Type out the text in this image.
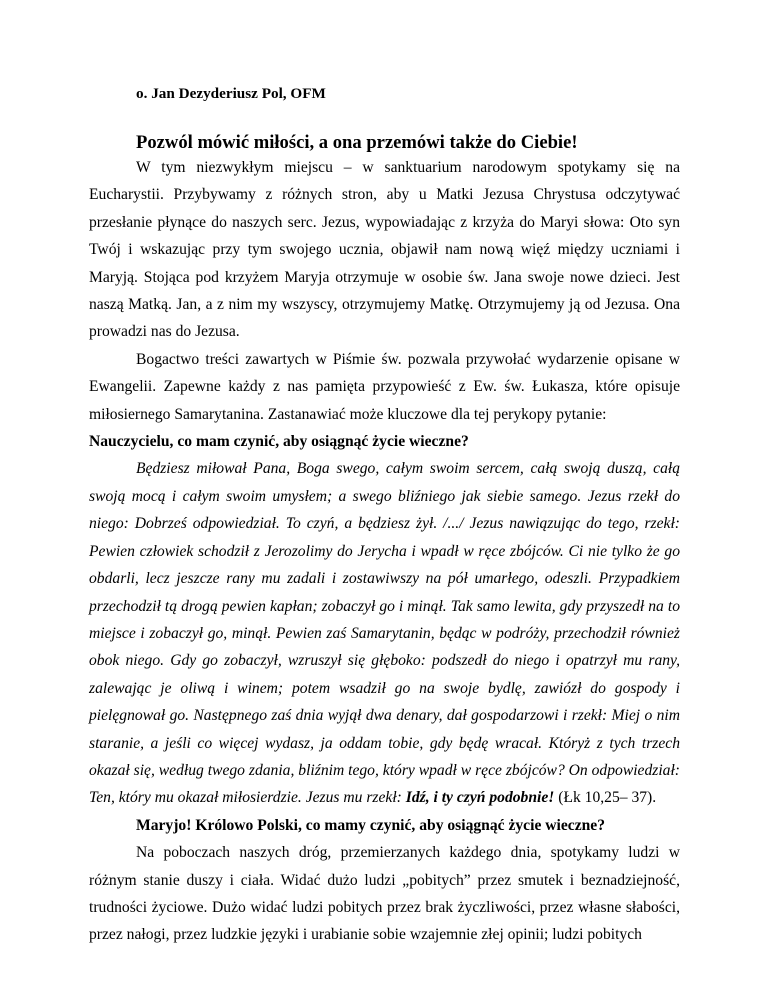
o. Jan Dezyderiusz Pol, OFM
Pozwól mówić miłości, a ona przemówi także do Ciebie!

W tym niezwykłym miejscu – w sanktuarium narodowym spotykamy się na Eucharystii. Przybywamy z różnych stron, aby u Matki Jezusa Chrystusa odczytywać przesłanie płynące do naszych serc. Jezus, wypowiadając z krzyża do Maryi słowa: Oto syn Twój i wskazując przy tym swojego ucznia, objawił nam nową więź między uczniami i Maryją. Stojąca pod krzyżem Maryja otrzymuje w osobie św. Jana swoje nowe dzieci. Jest naszą Matką. Jan, a z nim my wszyscy, otrzymujemy Matkę. Otrzymujemy ją od Jezusa. Ona prowadzi nas do Jezusa.

Bogactwo treści zawartych w Piśmie św. pozwala przywołać wydarzenie opisane w Ewangelii. Zapewne każdy z nas pamięta przypowieść z Ew. św. Łukasza, które opisuje miłosiernego Samarytanina. Zastanawiać może kluczowe dla tej perykopy pytanie:

Nauczycielu, co mam czynić, aby osiągnąć życie wieczne?

Będziesz miłował Pana, Boga swego, całym swoim sercem, całą swoją duszą, całą swoją mocą i całym swoim umysłem; a swego bliźniego jak siebie samego. Jezus rzekł do niego: Dobrześ odpowiedział. To czyń, a będziesz żył. /.../ Jezus nawiązując do tego, rzekł: Pewien człowiek schodził z Jerozolimy do Jerycha i wpadł w ręce zbójców. Ci nie tylko że go obdarli, lecz jeszcze rany mu zadali i zostawiwszy na pół umarłego, odeszli. Przypadkiem przechodził tą drogą pewien kapłan; zobaczył go i minął. Tak samo lewita, gdy przyszedł na to miejsce i zobaczył go, minął. Pewien zaś Samarytanin, będąc w podróży, przechodził również obok niego. Gdy go zobaczył, wzruszył się głęboko: podszedł do niego i opatrzył mu rany, zalewając je oliwą i winem; potem wsadził go na swoje bydlę, zawiózł do gospody i pielęgnował go. Następnego zaś dnia wyjął dwa denary, dał gospodarzowi i rzekł: Miej o nim staranie, a jeśli co więcej wydasz, ja oddam tobie, gdy będę wracał. Któryż z tych trzech okazał się, według twego zdania, bliźnim tego, który wpadł w ręce zbójców? On odpowiedział: Ten, który mu okazał miłosierdzie. Jezus mu rzekł: Idź, i ty czyń podobnie! (Łk 10,25– 37).

Maryjo! Królowo Polski, co mamy czynić, aby osiągnąć życie wieczne?

Na poboczach naszych dróg, przemierzanych każdego dnia, spotykamy ludzi w różnym stanie duszy i ciała. Widać dużo ludzi „pobitych” przez smutek i beznadziejność, trudności życiowe. Dużo widać ludzi pobitych przez brak życzliwości, przez własne słabości, przez nałogi, przez ludzkie języki i urabianie sobie wzajemnie złej opinii; ludzi pobitych
